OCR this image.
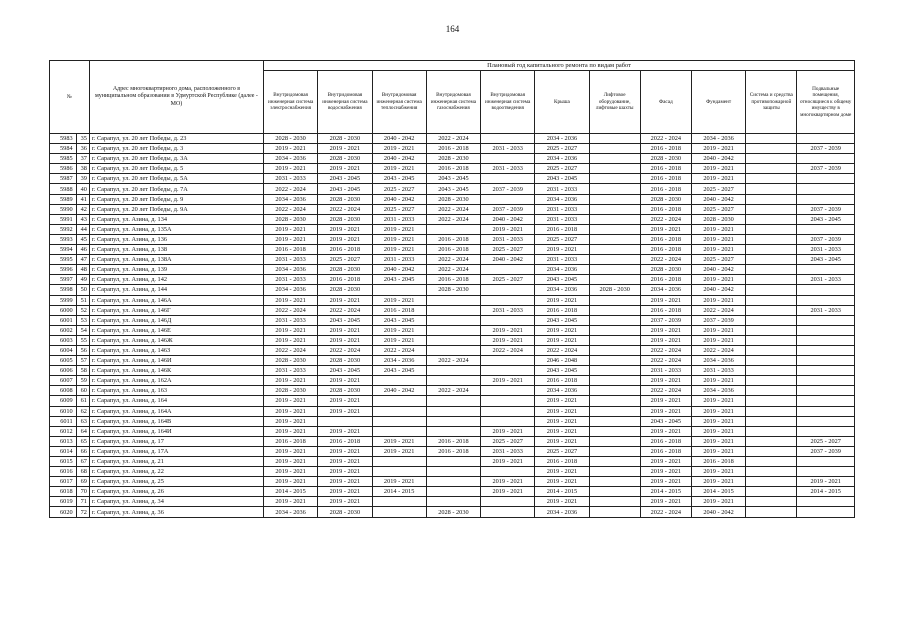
164
№		Адрес многоквартирного дома, расположенного в муниципальном образовании в Удмуртской Республике (далее - МО)	Плановый год капитального ремонта по видам работ										
			Внутридомовая инженерная система электроснабжения	Внутридомовая инженерная система водоснабжения	Внутридомовая инженерная система теплоснабжения	Внутридомовая инженерная система газоснабжения	Внутридомовая инженерная система водоотведения	Крыша	Лифтовое оборудование, лифтовые шахты	Фасад	Фундамент	Система и средства противопожарной защиты	Подвальные помещения, относящиеся к общему имуществу в многоквартирном доме
5983	35	г. Сарапул, ул. 20 лет Победы, д. 23	2028 - 2030	2028 - 2030	2040 - 2042	2022 - 2024		2034 - 2036		2022 - 2024	2034 - 2036		
5984	36	г. Сарапул, ул. 20 лет Победы, д. 3	2019 - 2021	2019 - 2021	2019 - 2021	2016 - 2018	2031 - 2033	2025 - 2027		2016 - 2018	2019 - 2021		2037 - 2039
5985	37	г. Сарапул, ул. 20 лет Победы, д. 3А	2034 - 2036	2028 - 2030	2040 - 2042	2028 - 2030		2034 - 2036		2028 - 2030	2040 - 2042		
5986	38	г. Сарапул, ул. 20 лет Победы, д. 5	2019 - 2021	2019 - 2021	2019 - 2021	2016 - 2018	2031 - 2033	2025 - 2027		2016 - 2018	2019 - 2021		2037 - 2039
5987	39	г. Сарапул, ул. 20 лет Победы, д. 5А	2031 - 2033	2043 - 2045	2043 - 2045	2043 - 2045		2043 - 2045		2016 - 2018	2019 - 2021		
5988	40	г. Сарапул, ул. 20 лет Победы, д. 7А	2022 - 2024	2043 - 2045	2025 - 2027	2043 - 2045	2037 - 2039	2031 - 2033		2016 - 2018	2025 - 2027		
5989	41	г. Сарапул, ул. 20 лет Победы, д. 9	2034 - 2036	2028 - 2030	2040 - 2042	2028 - 2030		2034 - 2036		2028 - 2030	2040 - 2042		
5990	42	г. Сарапул, ул. 20 лет Победы, д. 9А	2022 - 2024	2022 - 2024	2025 - 2027	2022 - 2024	2037 - 2039	2031 - 2033		2016 - 2018	2025 - 2027		2037 - 2039
5991	43	г. Сарапул, ул. Азина, д. 134	2028 - 2030	2028 - 2030	2031 - 2033	2022 - 2024	2040 - 2042	2031 - 2033		2022 - 2024	2028 - 2030		2043 - 2045
5992	44	г. Сарапул, ул. Азина, д. 135А	2019 - 2021	2019 - 2021	2019 - 2021		2019 - 2021	2016 - 2018		2019 - 2021	2019 - 2021		
5993	45	г. Сарапул, ул. Азина, д. 136	2019 - 2021	2019 - 2021	2019 - 2021	2016 - 2018	2031 - 2033	2025 - 2027		2016 - 2018	2019 - 2021		2037 - 2039
5994	46	г. Сарапул, ул. Азина, д. 138	2016 - 2018	2016 - 2018	2019 - 2021	2016 - 2018	2025 - 2027	2019 - 2021		2016 - 2018	2019 - 2021		2031 - 2033
5995	47	г. Сарапул, ул. Азина, д. 138А	2031 - 2033	2025 - 2027	2031 - 2033	2022 - 2024	2040 - 2042	2031 - 2033		2022 - 2024	2025 - 2027		2043 - 2045
5996	48	г. Сарапул, ул. Азина, д. 139	2034 - 2036	2028 - 2030	2040 - 2042	2022 - 2024		2034 - 2036		2028 - 2030	2040 - 2042		
5997	49	г. Сарапул, ул. Азина, д. 142	2031 - 2033	2016 - 2018	2043 - 2045	2016 - 2018	2025 - 2027	2043 - 2045		2016 - 2018	2019 - 2021		2031 - 2033
5998	50	г. Сарапул, ул. Азина, д. 144	2034 - 2036	2028 - 2030		2028 - 2030		2034 - 2036	2028 - 2030	2034 - 2036	2040 - 2042		
5999	51	г. Сарапул, ул. Азина, д. 146А	2019 - 2021	2019 - 2021	2019 - 2021			2019 - 2021		2019 - 2021	2019 - 2021		
6000	52	г. Сарапул, ул. Азина, д. 146Г	2022 - 2024	2022 - 2024	2016 - 2018		2031 - 2033	2016 - 2018		2016 - 2018	2022 - 2024		2031 - 2033
6001	53	г. Сарапул, ул. Азина, д. 146Д	2031 - 2033	2043 - 2045	2043 - 2045			2043 - 2045		2037 - 2039	2037 - 2039		
6002	54	г. Сарапул, ул. Азина, д. 146Е	2019 - 2021	2019 - 2021	2019 - 2021		2019 - 2021	2019 - 2021		2019 - 2021	2019 - 2021		
6003	55	г. Сарапул, ул. Азина, д. 146Ж	2019 - 2021	2019 - 2021	2019 - 2021		2019 - 2021	2019 - 2021		2019 - 2021	2019 - 2021		
6004	56	г. Сарапул, ул. Азина, д. 146З	2022 - 2024	2022 - 2024	2022 - 2024		2022 - 2024	2022 - 2024		2022 - 2024	2022 - 2024		
6005	57	г. Сарапул, ул. Азина, д. 146И	2028 - 2030	2028 - 2030	2034 - 2036	2022 - 2024		2046 - 2048		2022 - 2024	2034 - 2036		
6006	58	г. Сарапул, ул. Азина, д. 146К	2031 - 2033	2043 - 2045	2043 - 2045			2043 - 2045		2031 - 2033	2031 - 2033		
6007	59	г. Сарапул, ул. Азина, д. 162А	2019 - 2021	2019 - 2021			2019 - 2021	2016 - 2018		2019 - 2021	2019 - 2021		
6008	60	г. Сарапул, ул. Азина, д. 163	2028 - 2030	2028 - 2030	2040 - 2042	2022 - 2024		2034 - 2036		2022 - 2024	2034 - 2036		
6009	61	г. Сарапул, ул. Азина, д. 164	2019 - 2021	2019 - 2021				2019 - 2021		2019 - 2021	2019 - 2021		
6010	62	г. Сарапул, ул. Азина, д. 164А	2019 - 2021	2019 - 2021				2019 - 2021		2019 - 2021	2019 - 2021		
6011	63	г. Сарапул, ул. Азина, д. 164В	2019 - 2021					2019 - 2021		2043 - 2045	2019 - 2021		
6012	64	г. Сарапул, ул. Азина, д. 164И	2019 - 2021	2019 - 2021			2019 - 2021	2019 - 2021		2019 - 2021	2019 - 2021		
6013	65	г. Сарапул, ул. Азина, д. 17	2016 - 2018	2016 - 2018	2019 - 2021	2016 - 2018	2025 - 2027	2019 - 2021		2016 - 2018	2019 - 2021		2025 - 2027
6014	66	г. Сарапул, ул. Азина, д. 17А	2019 - 2021	2019 - 2021	2019 - 2021	2016 - 2018	2031 - 2033	2025 - 2027		2016 - 2018	2019 - 2021		2037 - 2039
6015	67	г. Сарапул, ул. Азина, д. 21	2019 - 2021	2019 - 2021			2019 - 2021	2016 - 2018		2019 - 2021	2016 - 2018		
6016	68	г. Сарапул, ул. Азина, д. 22	2019 - 2021	2019 - 2021				2019 - 2021		2019 - 2021	2019 - 2021		
6017	69	г. Сарапул, ул. Азина, д. 25	2019 - 2021	2019 - 2021	2019 - 2021		2019 - 2021	2019 - 2021		2019 - 2021	2019 - 2021		2019 - 2021
6018	70	г. Сарапул, ул. Азина, д. 26	2014 - 2015	2019 - 2021	2014 - 2015		2019 - 2021	2014 - 2015		2014 - 2015	2014 - 2015		2014 - 2015
6019	71	г. Сарапул, ул. Азина, д. 34	2019 - 2021	2019 - 2021				2019 - 2021		2019 - 2021	2019 - 2021		
6020	72	г. Сарапул, ул. Азина, д. 36	2034 - 2036	2028 - 2030		2028 - 2030		2034 - 2036		2022 - 2024	2040 - 2042		
